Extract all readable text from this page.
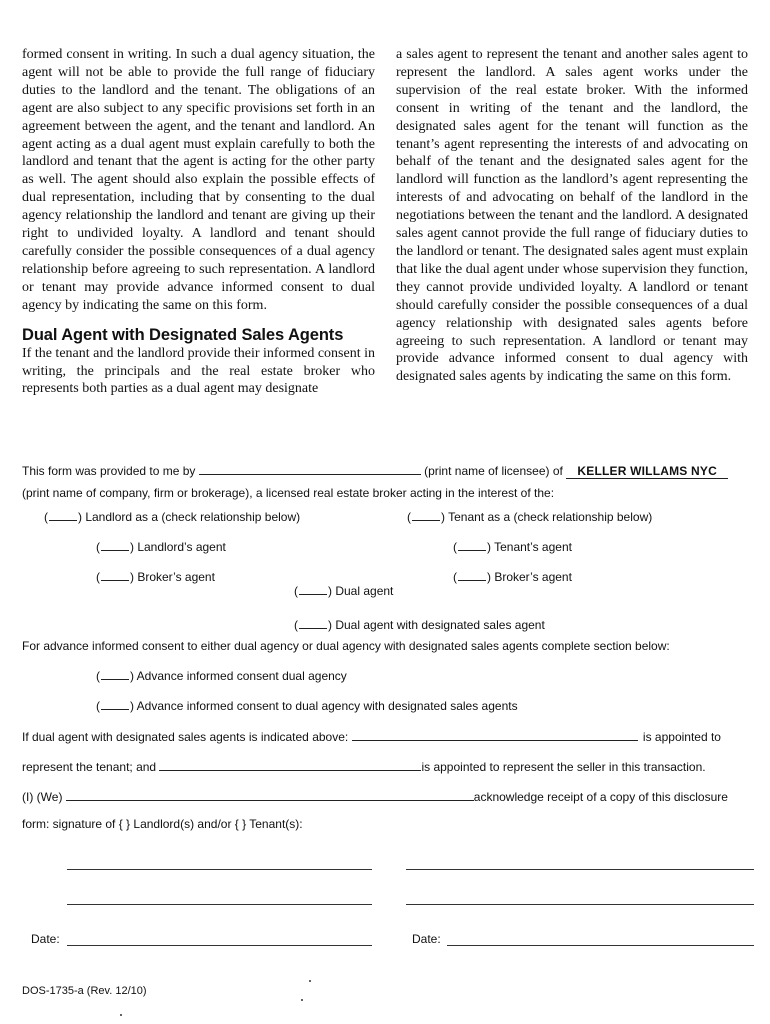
formed consent in writing. In such a dual agency situation, the agent will not be able to provide the full range of fiduciary duties to the landlord and the tenant. The obligations of an agent are also subject to any specific provisions set forth in an agreement between the agent, and the tenant and landlord. An agent acting as a dual agent must explain carefully to both the landlord and tenant that the agent is acting for the other party as well. The agent should also explain the possible effects of dual representation, including that by consenting to the dual agency relationship the landlord and tenant are giving up their right to undivided loyalty. A landlord and tenant should carefully consider the possible consequences of a dual agency relationship before agreeing to such representation. A landlord or tenant may provide advance informed consent to dual agency by indicating the same on this form.

Dual Agent with Designated Sales Agents

If the tenant and the landlord provide their informed consent in writing, the principals and the real estate broker who represents both parties as a dual agent may designate

a sales agent to represent the tenant and another sales agent to represent the landlord. A sales agent works under the supervision of the real estate broker. With the informed consent in writing of the tenant and the landlord, the designated sales agent for the tenant will function as the tenant’s agent representing the interests of and advocating on behalf of the tenant and the designated sales agent for the landlord will function as the landlord’s agent representing the interests of and advocating on behalf of the landlord in the negotiations between the tenant and the landlord. A designated sales agent cannot provide the full range of fiduciary duties to the landlord or tenant. The designated sales agent must explain that like the dual agent under whose supervision they function, they cannot provide undivided loyalty. A landlord or tenant should carefully consider the possible consequences of a dual agency relationship with designated sales agents before agreeing to such representation. A landlord or tenant may provide advance informed consent to dual agency with designated sales agents by indicating the same on this form.

This form was provided to me by	(print name of licensee) of KELLER WILLAMS NYC
(print name of company, firm or brokerage), a licensed real estate broker acting in the interest of the:
(	) Landlord as a (check relationship below)	(	) Tenant as a (check relationship below)
(	) Landlord’s agent	(	) Tenant’s agent
(	) Broker’s agent	(	) Broker’s agent
(	) Dual agent
(	) Dual agent with designated sales agent
For advance informed consent to either dual agency or dual agency with designated sales agents complete section below:
(	) Advance informed consent dual agency
(	) Advance informed consent to dual agency with designated sales agents
If dual agent with designated sales agents is indicated above:	is appointed to
represent the tenant; and	is appointed to represent the seller in this transaction.
(I) (We)	acknowledge receipt of a copy of this disclosure
form: signature of { } Landlord(s) and/or { } Tenant(s):
Date:	Date:
DOS-1735-a (Rev. 12/10)
